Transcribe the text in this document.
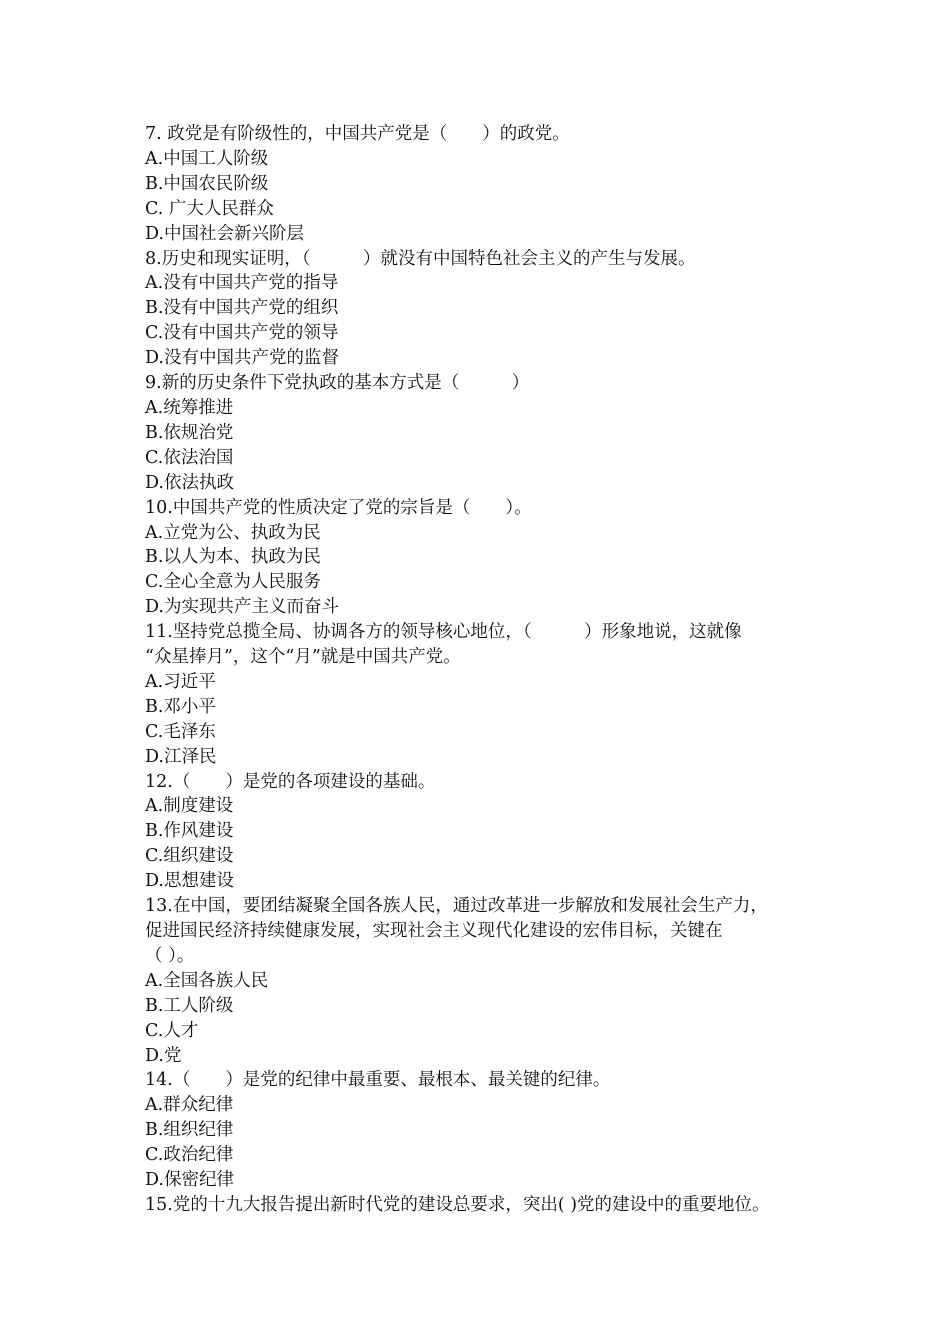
7. 政党是有阶级性的，中国共产党是（　　）的政党。
A.中国工人阶级
B.中国农民阶级
C. 广大人民群众
D.中国社会新兴阶层
8.历史和现实证明，（　　　）就没有中国特色社会主义的产生与发展。
A.没有中国共产党的指导
B.没有中国共产党的组织
C.没有中国共产党的领导
D.没有中国共产党的监督
9.新的历史条件下党执政的基本方式是（　　　）
A.统筹推进
B.依规治党
C.依法治国
D.依法执政
10.中国共产党的性质决定了党的宗旨是（　　）。
A.立党为公、执政为民
B.以人为本、执政为民
C.全心全意为人民服务
D.为实现共产主义而奋斗
11.坚持党总揽全局、协调各方的领导核心地位，（　　　）形象地说，这就像
“众星捧月”，这个“月”就是中国共产党。
A.习近平
B.邓小平
C.毛泽东
D.江泽民
12.（　　）是党的各项建设的基础。
A.制度建设
B.作风建设
C.组织建设
D.思想建设
13.在中国，要团结凝聚全国各族人民，通过改革进一步解放和发展社会生产力，
促进国民经济持续健康发展，实现社会主义现代化建设的宏伟目标，关键在
（ ）。
A.全国各族人民
B.工人阶级
C.人才
D.党
14.（　　）是党的纪律中最重要、最根本、最关键的纪律。
A.群众纪律
B.组织纪律
C.政治纪律
D.保密纪律
15.党的十九大报告提出新时代党的建设总要求，突出( )党的建设中的重要地位。
